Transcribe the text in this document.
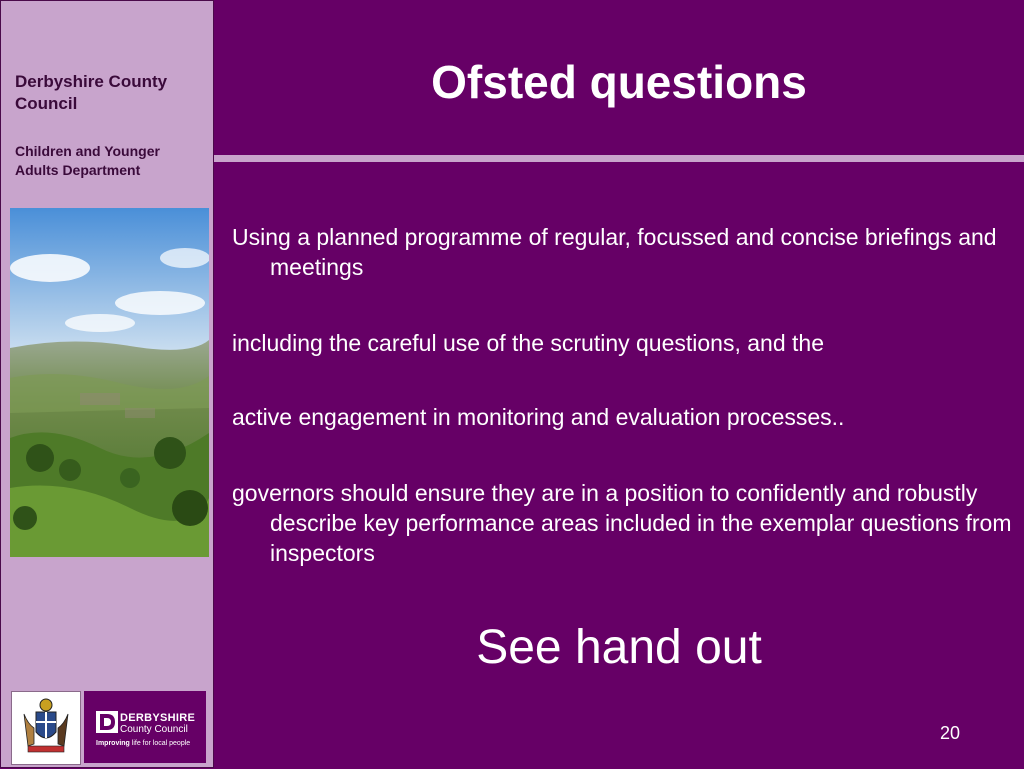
Derbyshire County Council
Children and Younger Adults Department
DERBYSHIRE
County Council
Improving life for local people
Ofsted questions

Using a planned programme of regular, focussed and concise briefings and meetings

including the careful use of the scrutiny questions, and the

active engagement in monitoring and evaluation processes..

governors should ensure they are in a position to confidently and robustly describe key performance areas included in the exemplar questions from inspectors

See hand out
20
